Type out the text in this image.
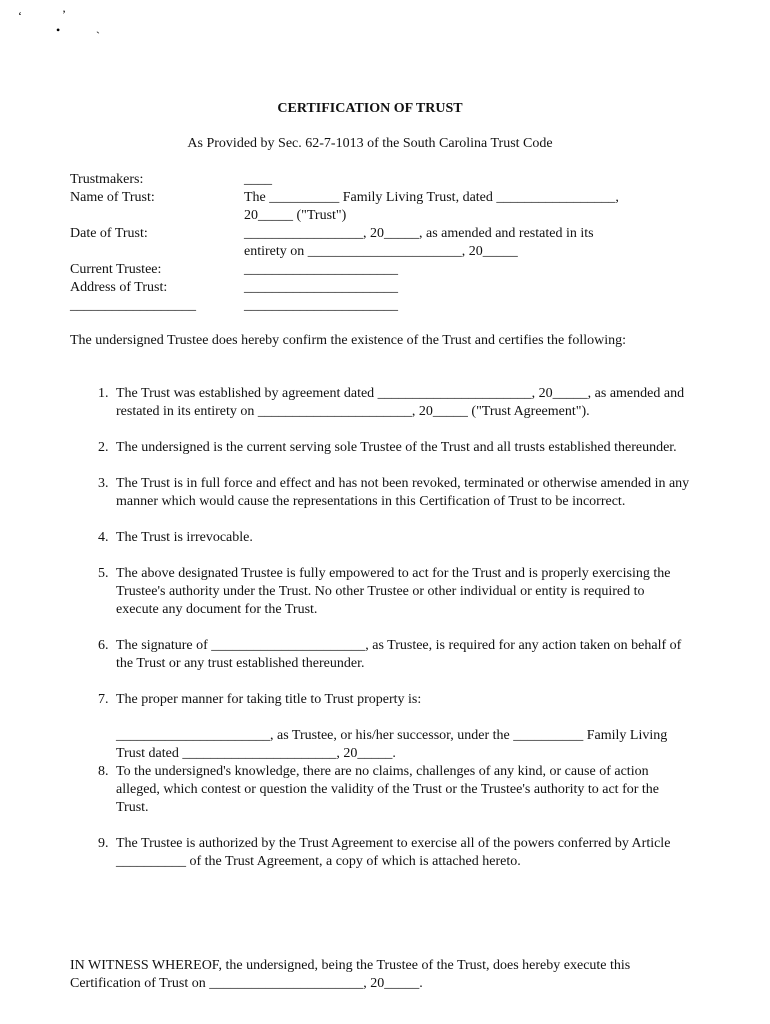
‘	’
•	`
CERTIFICATION OF TRUST
As Provided by Sec. 62-7-1013 of the South Carolina Trust Code
Trustmakers:	____
Name of Trust:	The __________ Family Living Trust, dated _________________,
20_____ ("Trust")
Date of Trust:	_________________, 20_____, as amended and restated in its
entirety on ______________________, 20_____
Current Trustee:	______________________
Address of Trust:	______________________
__________________	______________________
The undersigned Trustee does hereby confirm the existence of the Trust and certifies the following:
1. The Trust was established by agreement dated ______________________, 20_____, as amended and restated in its entirety on ______________________, 20_____ ("Trust Agreement").
2. The undersigned is the current serving sole Trustee of the Trust and all trusts established thereunder.
3. The Trust is in full force and effect and has not been revoked, terminated or otherwise amended in any manner which would cause the representations in this Certification of Trust to be incorrect.
4. The Trust is irrevocable.
5. The above designated Trustee is fully empowered to act for the Trust and is properly exercising the Trustee's authority under the Trust. No other Trustee or other individual or entity is required to execute any document for the Trust.
6. The signature of ______________________, as Trustee, is required for any action taken on behalf of the Trust or any trust established thereunder.
7. The proper manner for taking title to Trust property is:
______________________, as Trustee, or his/her successor, under the __________ Family Living Trust dated ______________________, 20_____.
8. To the undersigned's knowledge, there are no claims, challenges of any kind, or cause of action alleged, which contest or question the validity of the Trust or the Trustee's authority to act for the Trust.
9. The Trustee is authorized by the Trust Agreement to exercise all of the powers conferred by Article __________ of the Trust Agreement, a copy of which is attached hereto.
IN WITNESS WHEREOF, the undersigned, being the Trustee of the Trust, does hereby execute this Certification of Trust on ______________________, 20_____.
